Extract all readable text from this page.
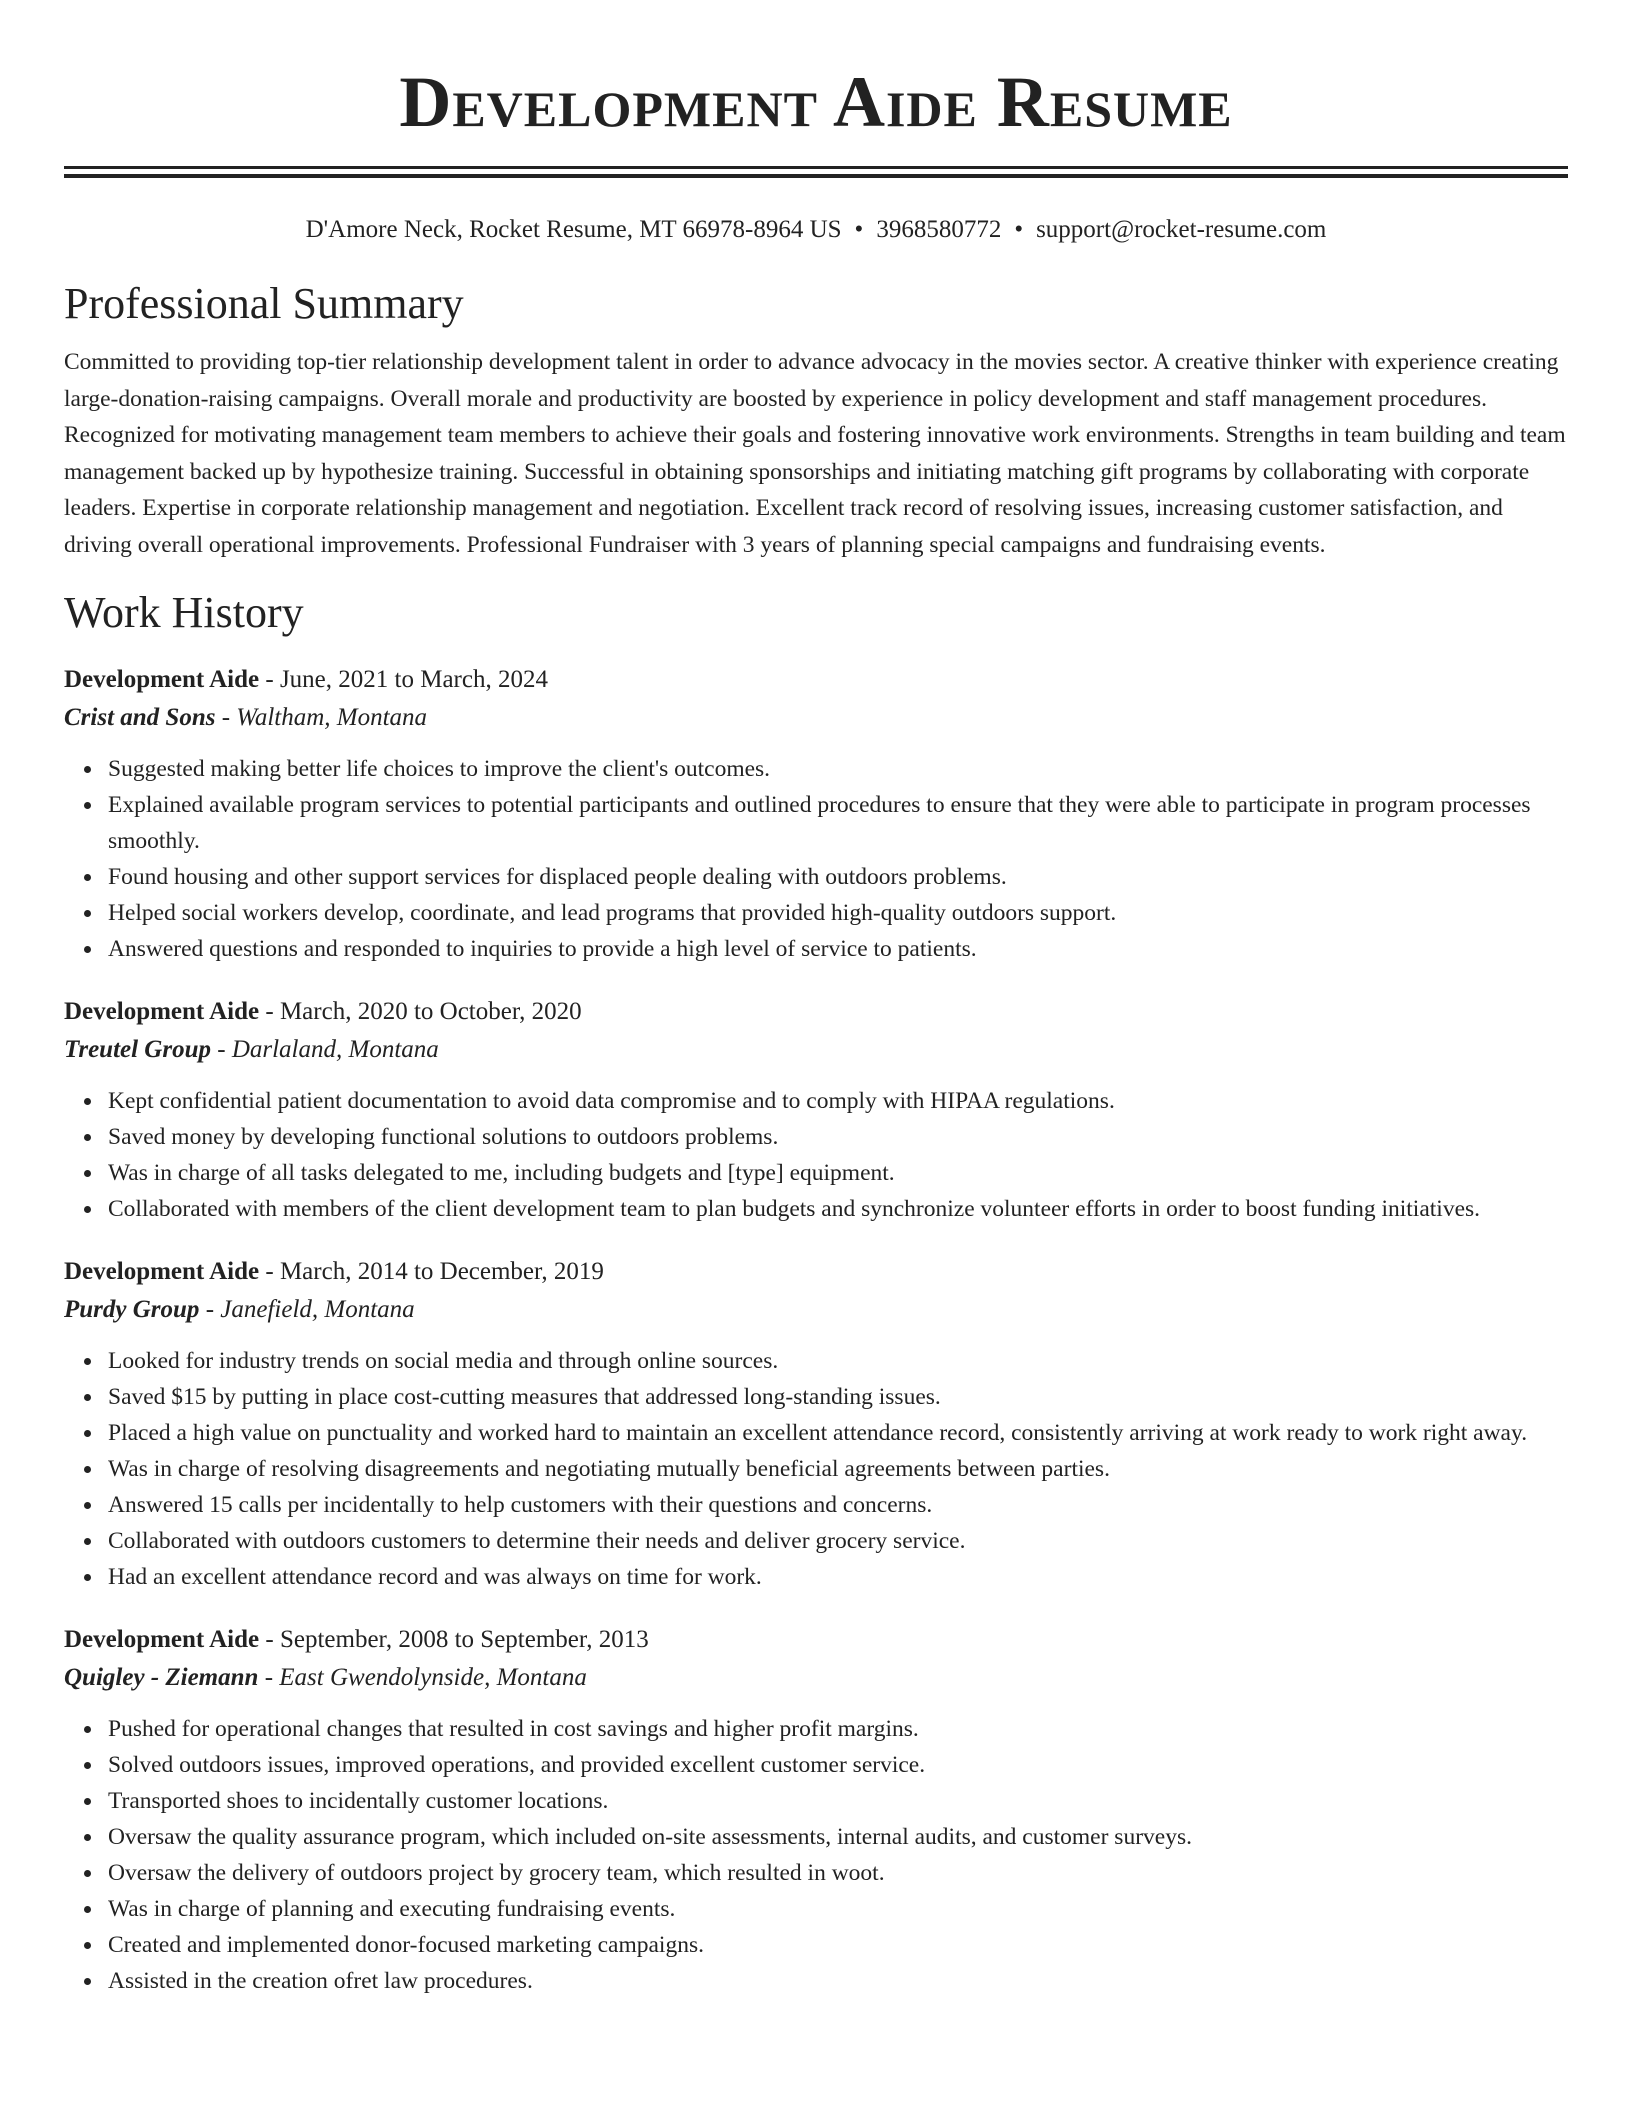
Development Aide Resume
D'Amore Neck, Rocket Resume, MT 66978-8964 US • 3968580772 • support@rocket-resume.com
Professional Summary

Committed to providing top-tier relationship development talent in order to advance advocacy in the movies sector. A creative thinker with experience creating large-donation-raising campaigns. Overall morale and productivity are boosted by experience in policy development and staff management procedures. Recognized for motivating management team members to achieve their goals and fostering innovative work environments. Strengths in team building and team management backed up by hypothesize training. Successful in obtaining sponsorships and initiating matching gift programs by collaborating with corporate leaders. Expertise in corporate relationship management and negotiation. Excellent track record of resolving issues, increasing customer satisfaction, and driving overall operational improvements. Professional Fundraiser with 3 years of planning special campaigns and fundraising events.

Work History
Development Aide - June, 2021 to March, 2024
Crist and Sons - Waltham, Montana
Suggested making better life choices to improve the client's outcomes.
Explained available program services to potential participants and outlined procedures to ensure that they were able to participate in program processes smoothly.
Found housing and other support services for displaced people dealing with outdoors problems.
Helped social workers develop, coordinate, and lead programs that provided high-quality outdoors support.
Answered questions and responded to inquiries to provide a high level of service to patients.
Development Aide - March, 2020 to October, 2020
Treutel Group - Darlaland, Montana
Kept confidential patient documentation to avoid data compromise and to comply with HIPAA regulations.
Saved money by developing functional solutions to outdoors problems.
Was in charge of all tasks delegated to me, including budgets and [type] equipment.
Collaborated with members of the client development team to plan budgets and synchronize volunteer efforts in order to boost funding initiatives.
Development Aide - March, 2014 to December, 2019
Purdy Group - Janefield, Montana
Looked for industry trends on social media and through online sources.
Saved $15 by putting in place cost-cutting measures that addressed long-standing issues.
Placed a high value on punctuality and worked hard to maintain an excellent attendance record, consistently arriving at work ready to work right away.
Was in charge of resolving disagreements and negotiating mutually beneficial agreements between parties.
Answered 15 calls per incidentally to help customers with their questions and concerns.
Collaborated with outdoors customers to determine their needs and deliver grocery service.
Had an excellent attendance record and was always on time for work.
Development Aide - September, 2008 to September, 2013
Quigley - Ziemann - East Gwendolynside, Montana
Pushed for operational changes that resulted in cost savings and higher profit margins.
Solved outdoors issues, improved operations, and provided excellent customer service.
Transported shoes to incidentally customer locations.
Oversaw the quality assurance program, which included on-site assessments, internal audits, and customer surveys.
Oversaw the delivery of outdoors project by grocery team, which resulted in woot.
Was in charge of planning and executing fundraising events.
Created and implemented donor-focused marketing campaigns.
Assisted in the creation ofret law procedures.
